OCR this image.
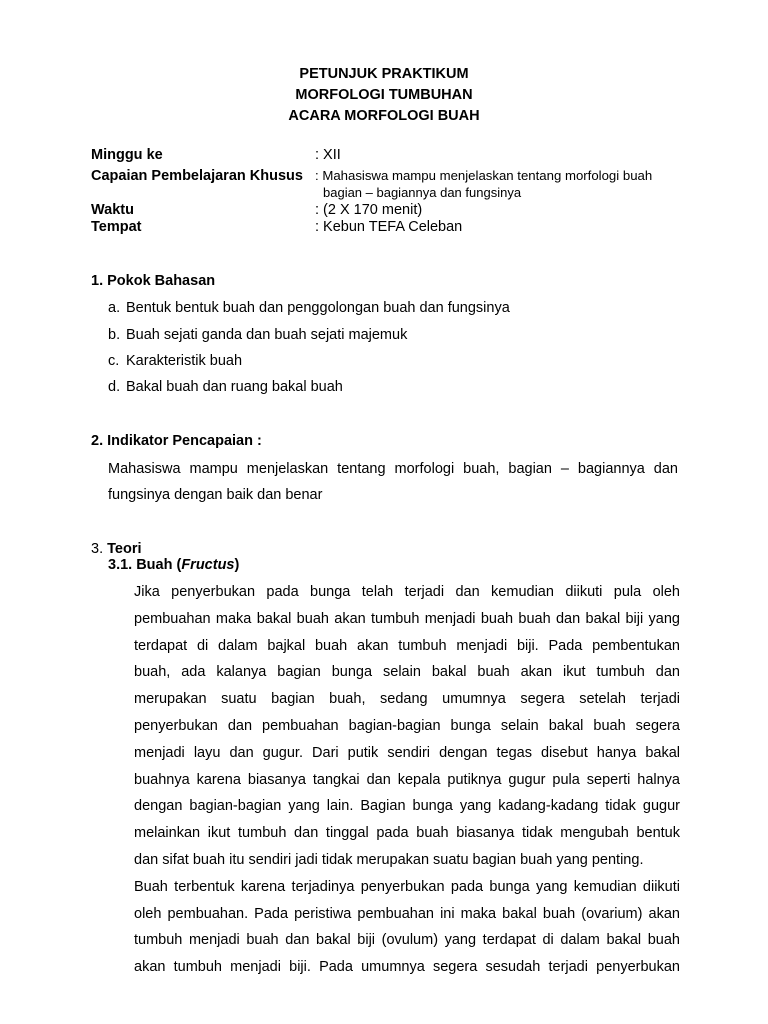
PETUNJUK PRAKTIKUM
MORFOLOGI TUMBUHAN
ACARA MORFOLOGI BUAH
Minggu ke	: XII
Capaian Pembelajaran Khusus : Mahasiswa mampu menjelaskan tentang morfologi buah
bagian – bagiannya dan fungsinya
Waktu	: (2 X 170 menit)
Tempat	: Kebun TEFA Celeban
1. Pokok Bahasan
a. Bentuk bentuk buah dan penggolongan buah dan fungsinya
b. Buah sejati ganda dan buah sejati majemuk
c. Karakteristik buah
d. Bakal buah dan ruang bakal buah
2. Indikator Pencapaian :
Mahasiswa mampu menjelaskan tentang morfologi buah, bagian – bagiannya dan
fungsinya dengan baik dan benar
3. Teori
3.1. Buah (Fructus)
Jika penyerbukan pada bunga telah terjadi dan kemudian diikuti pula oleh
pembuahan maka bakal buah akan tumbuh menjadi buah buah dan bakal biji yang
terdapat di dalam bajkal buah akan tumbuh menjadi biji. Pada pembentukan
buah, ada kalanya bagian bunga selain bakal buah akan ikut tumbuh dan
merupakan suatu bagian buah, sedang umumnya segera setelah terjadi
penyerbukan dan pembuahan bagian-bagian bunga selain bakal buah segera
menjadi layu dan gugur. Dari putik sendiri dengan tegas disebut hanya bakal
buahnya karena biasanya tangkai dan kepala putiknya gugur pula seperti halnya
dengan bagian-bagian yang lain. Bagian bunga yang kadang-kadang tidak gugur
melainkan ikut tumbuh dan tinggal pada buah biasanya tidak mengubah bentuk
dan sifat buah itu sendiri jadi tidak merupakan suatu bagian buah yang penting.
Buah terbentuk karena terjadinya penyerbukan pada bunga yang kemudian diikuti
oleh pembuahan. Pada peristiwa pembuahan ini maka bakal buah (ovarium) akan
tumbuh menjadi buah dan bakal biji (ovulum) yang terdapat di dalam bakal buah
akan tumbuh menjadi biji. Pada umumnya segera sesudah terjadi penyerbukan
